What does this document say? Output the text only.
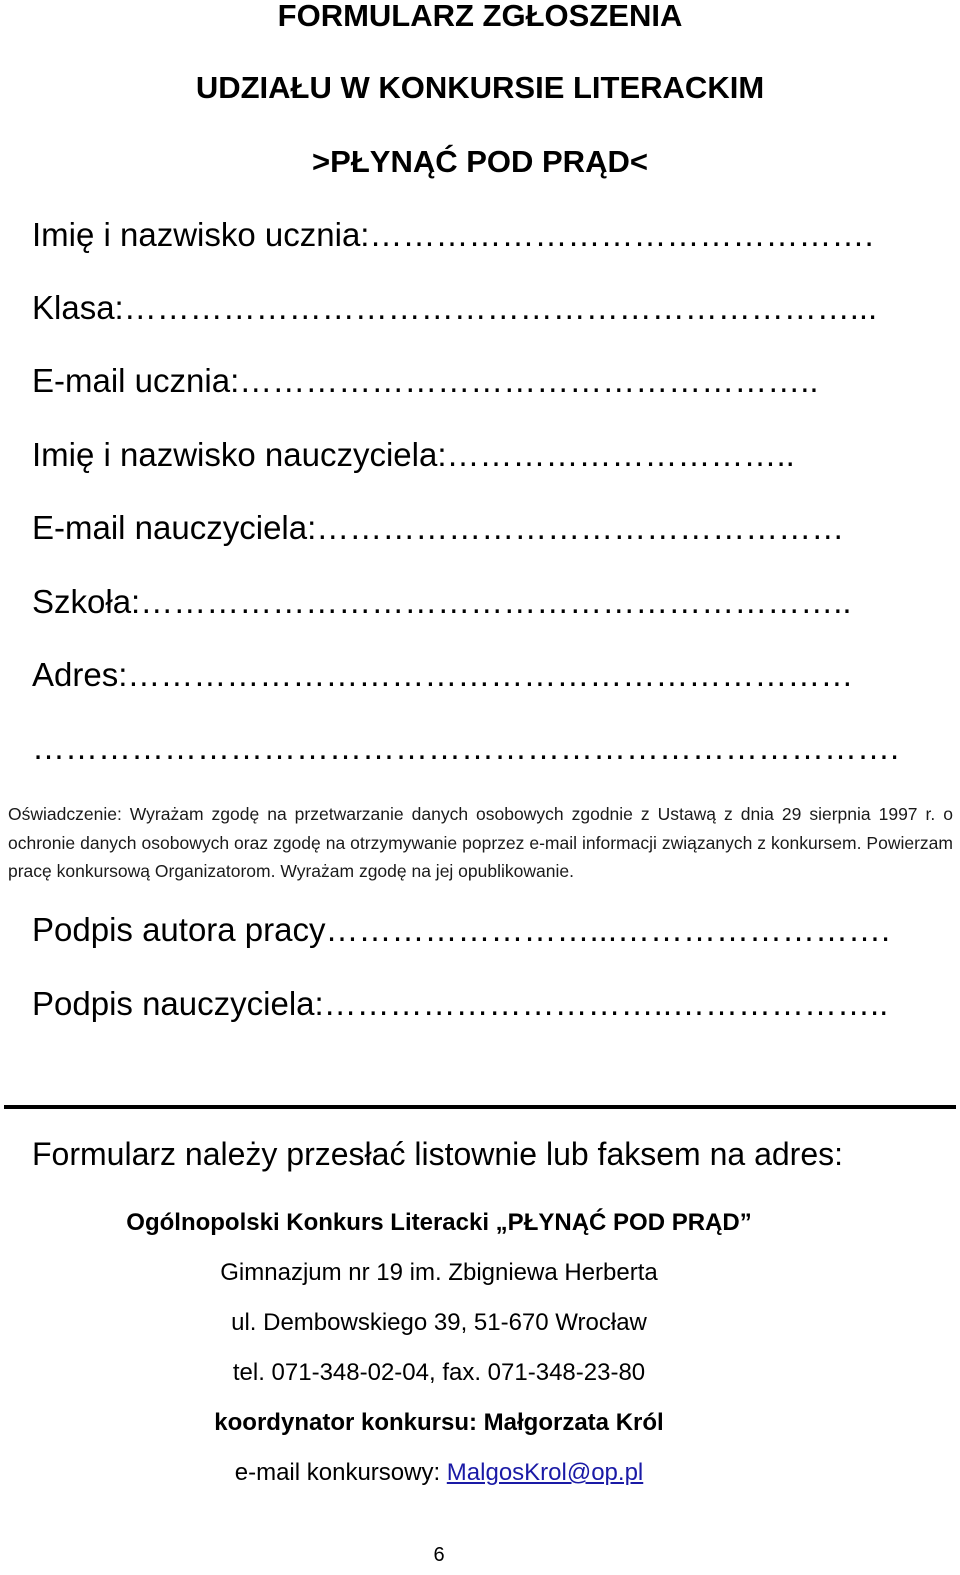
FORMULARZ ZGŁOSZENIA
UDZIAŁU W KONKURSIE LITERACKIM
>PŁYNĄĆ POD PRĄD<
Imię i nazwisko ucznia:……………………………………….
Klasa:…………………………………………………………...
E-mail ucznia:……………………………………………..
Imię i nazwisko nauczyciela:…………………………..
E-mail nauczyciela:…………………………………………
Szkoła:………………………………………………………..
Adres:…………………………………………………………
…………………………………………………………………….
Oświadczenie: Wyrażam zgodę na przetwarzanie danych osobowych zgodnie z Ustawą z dnia 29 sierpnia 1997 r. o ochronie danych osobowych oraz zgodę na otrzymywanie poprzez e-mail informacji związanych z konkursem. Powierzam pracę konkursową Organizatorom. Wyrażam zgodę na jej opublikowanie.
Podpis autora pracy……………………...…………………….
Podpis nauczyciela:…………………………..………………..
Formularz należy przesłać listownie lub faksem na adres:
Ogólnopolski Konkurs Literacki „PŁYNĄĆ POD PRĄD”
Gimnazjum nr 19 im. Zbigniewa Herberta
ul. Dembowskiego 39, 51-670 Wrocław
tel. 071-348-02-04, fax. 071-348-23-80
koordynator konkursu: Małgorzata Król
e-mail konkursowy: MalgosKrol@op.pl
6
